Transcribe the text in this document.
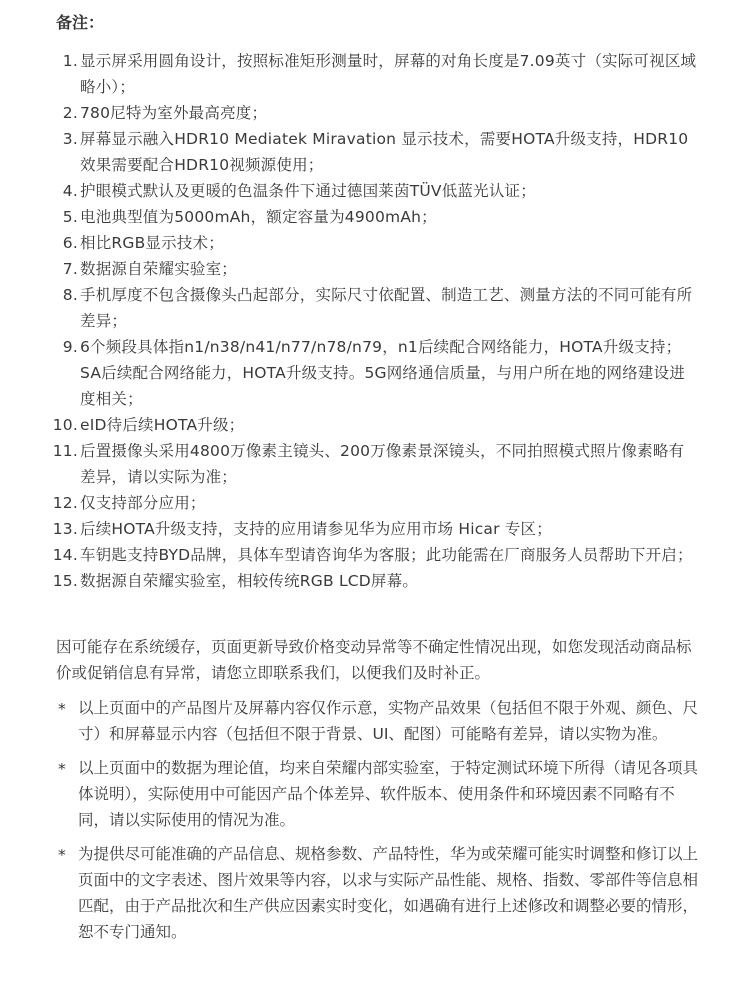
备注：
1. 显示屏采用圆角设计，按照标准矩形测量时，屏幕的对角长度是7.09英寸（实际可视区域略小）；
2. 780尼特为室外最高亮度；
3. 屏幕显示融入HDR10 Mediatek Miravation 显示技术，需要HOTA升级支持，HDR10效果需要配合HDR10视频源使用；
4. 护眼模式默认及更暖的色温条件下通过德国莱茵TÜV低蓝光认证；
5. 电池典型值为5000mAh，额定容量为4900mAh；
6. 相比RGB显示技术；
7. 数据源自荣耀实验室；
8. 手机厚度不包含摄像头凸起部分，实际尺寸依配置、制造工艺、测量方法的不同可能有所差异；
9. 6个频段具体指n1/n38/n41/n77/n78/n79，n1后续配合网络能力，HOTA升级支持；SA后续配合网络能力，HOTA升级支持。5G网络通信质量，与用户所在地的网络建设进度相关；
10. eID待后续HOTA升级；
11. 后置摄像头采用4800万像素主镜头、200万像素景深镜头，不同拍照模式照片像素略有差异，请以实际为准；
12. 仅支持部分应用；
13. 后续HOTA升级支持，支持的应用请参见华为应用市场 Hicar 专区；
14. 车钥匙支持BYD品牌，具体车型请咨询华为客服；此功能需在厂商服务人员帮助下开启；
15. 数据源自荣耀实验室，相较传统RGB LCD屏幕。

因可能存在系统缓存，页面更新导致价格变动异常等不确定性情况出现，如您发现活动商品标价或促销信息有异常，请您立即联系我们，以便我们及时补正。

* 以上页面中的产品图片及屏幕内容仅作示意，实物产品效果（包括但不限于外观、颜色、尺寸）和屏幕显示内容（包括但不限于背景、UI、配图）可能略有差异，请以实物为准。
* 以上页面中的数据为理论值，均来自荣耀内部实验室，于特定测试环境下所得（请见各项具体说明），实际使用中可能因产品个体差异、软件版本、使用条件和环境因素不同略有不同，请以实际使用的情况为准。
* 为提供尽可能准确的产品信息、规格参数、产品特性，华为或荣耀可能实时调整和修订以上页面中的文字表述、图片效果等内容，以求与实际产品性能、规格、指数、零部件等信息相匹配，由于产品批次和生产供应因素实时变化，如遇确有进行上述修改和调整必要的情形，恕不专门通知。
